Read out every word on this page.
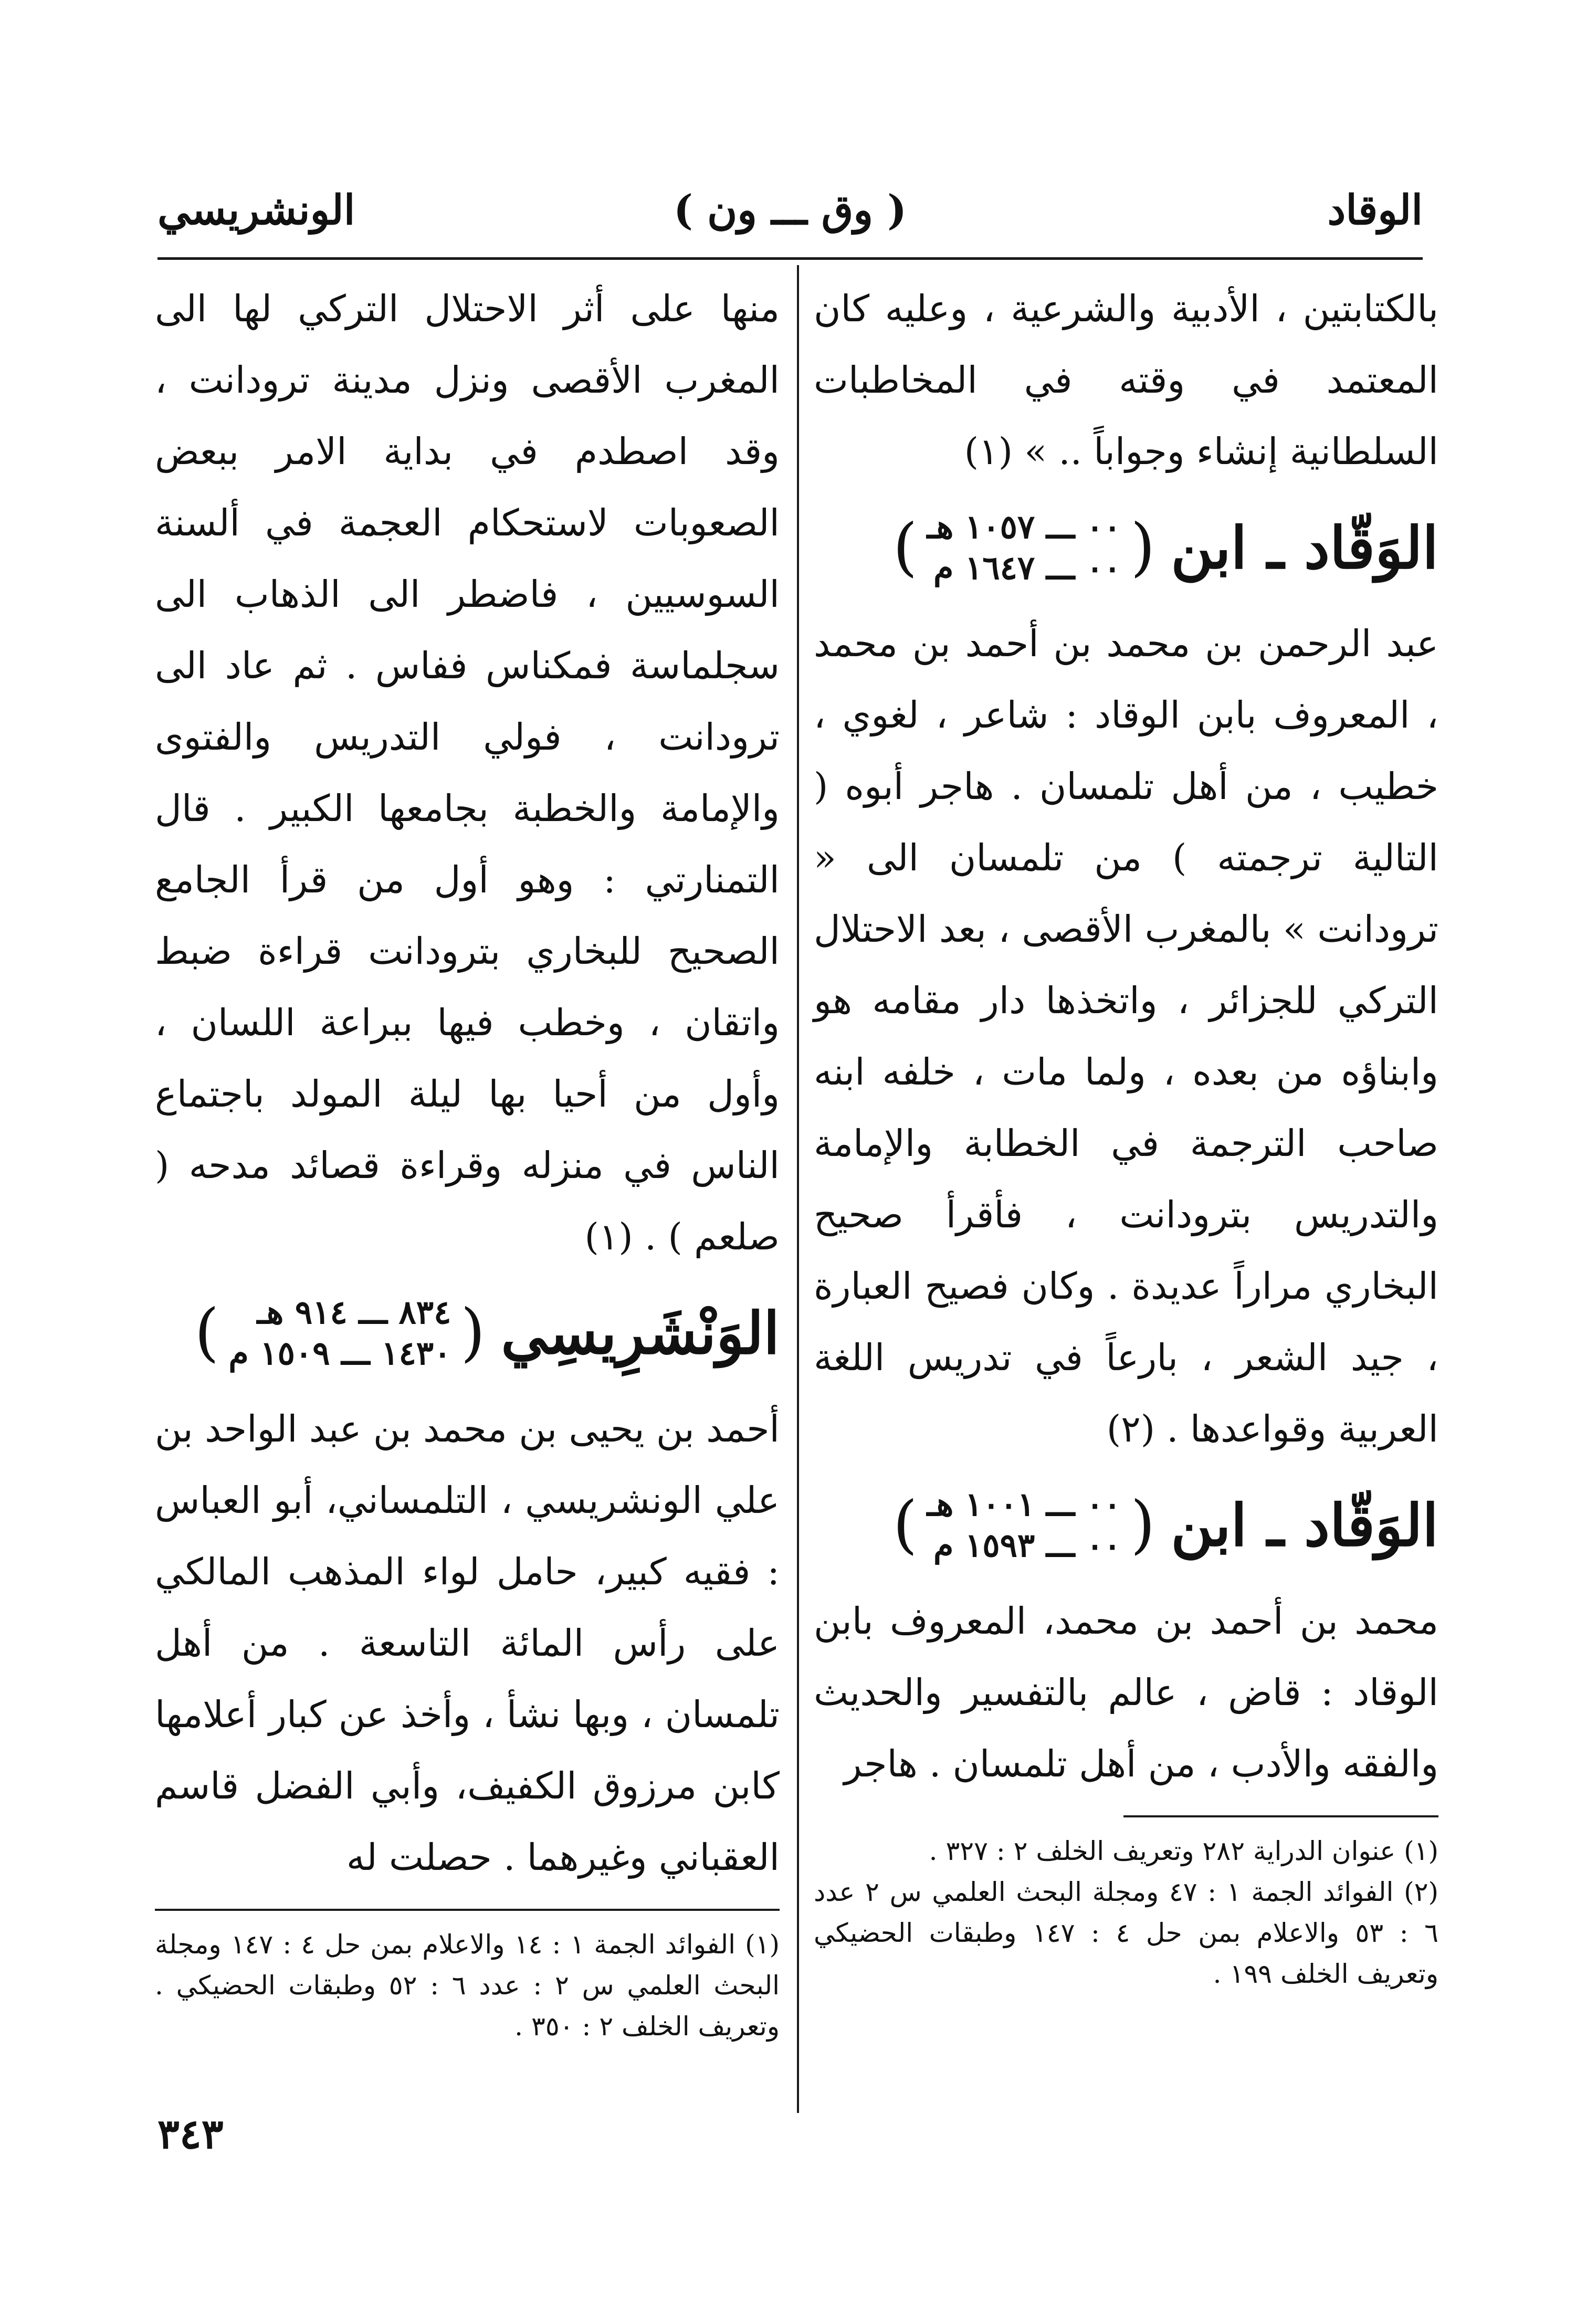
الوقاد
( وق ـــ ون )
الونشريسي

بالكتابتين ، الأدبية والشرعية ، وعليه كان المعتمد في وقته في المخاطبات السلطانية إنشاء وجواباً .. » (١)

الوَقّاد ـ ابن
(
٠٠ ـــ ١٠٥٧ هـ
٠٠ ـــ ١٦٤٧ م
)

عبد الرحمن بن محمد بن أحمد بن محمد ، المعروف بابن الوقاد : شاعر ، لغوي ، خطيب ، من أهل تلمسان . هاجر أبوه ( التالية ترجمته ) من تلمسان الى « ترودانت » بالمغرب الأقصى ، بعد الاحتلال التركي للجزائر ، واتخذها دار مقامه هو وابناؤه من بعده ، ولما مات ، خلفه ابنه صاحب الترجمة في الخطابة والإمامة والتدريس بترودانت ، فأقرأ صحيح البخاري مراراً عديدة . وكان فصيح العبارة ، جيد الشعر ، بارعاً في تدريس اللغة العربية وقواعدها . (٢)

الوَقّاد ـ ابن
(
٠٠ ـــ ١٠٠١ هـ
٠٠ ـــ ١٥٩٣ م
)

محمد بن أحمد بن محمد، المعروف بابن الوقاد : قاض ، عالم بالتفسير والحديث والفقه والأدب ، من أهل تلمسان . هاجر

(١) عنوان الدراية ٢٨٢ وتعريف الخلف ٢ : ٣٢٧ .

(٢) الفوائد الجمة ١ : ٤٧ ومجلة البحث العلمي س ٢ عدد ٦ : ٥٣ والاعلام بمن حل ٤ : ١٤٧ وطبقات الحضيكي وتعريف الخلف ١٩٩ .

منها على أثر الاحتلال التركي لها الى المغرب الأقصى ونزل مدينة ترودانت ، وقد اصطدم في بداية الامر ببعض الصعوبات لاستحكام العجمة في ألسنة السوسيين ، فاضطر الى الذهاب الى سجلماسة فمكناس ففاس . ثم عاد الى ترودانت ، فولي التدريس والفتوى والإمامة والخطبة بجامعها الكبير . قال التمنارتي : وهو أول من قرأ الجامع الصحيح للبخاري بترودانت قراءة ضبط واتقان ، وخطب فيها ببراعة اللسان ، وأول من أحيا بها ليلة المولد باجتماع الناس في منزله وقراءة قصائد مدحه ( صلعم ) . (١)

الوَنْشَرِيسِي
(
٨٣٤ ـــ ٩١٤ هـ
١٤٣٠ ـــ ١٥٠٩ م
)

أحمد بن يحيى بن محمد بن عبد الواحد بن علي الونشريسي ، التلمساني، أبو العباس : فقيه كبير، حامل لواء المذهب المالكي على رأس المائة التاسعة . من أهل تلمسان ، وبها نشأ ، وأخذ عن كبار أعلامها كابن مرزوق الكفيف، وأبي الفضل قاسم العقباني وغيرهما . حصلت له

(١) الفوائد الجمة ١ : ١٤ والاعلام بمن حل ٤ : ١٤٧ ومجلة البحث العلمي س ٢ : عدد ٦ : ٥٢ وطبقات الحضيكي . وتعريف الخلف ٢ : ٣٥٠ .

٣٤٣
